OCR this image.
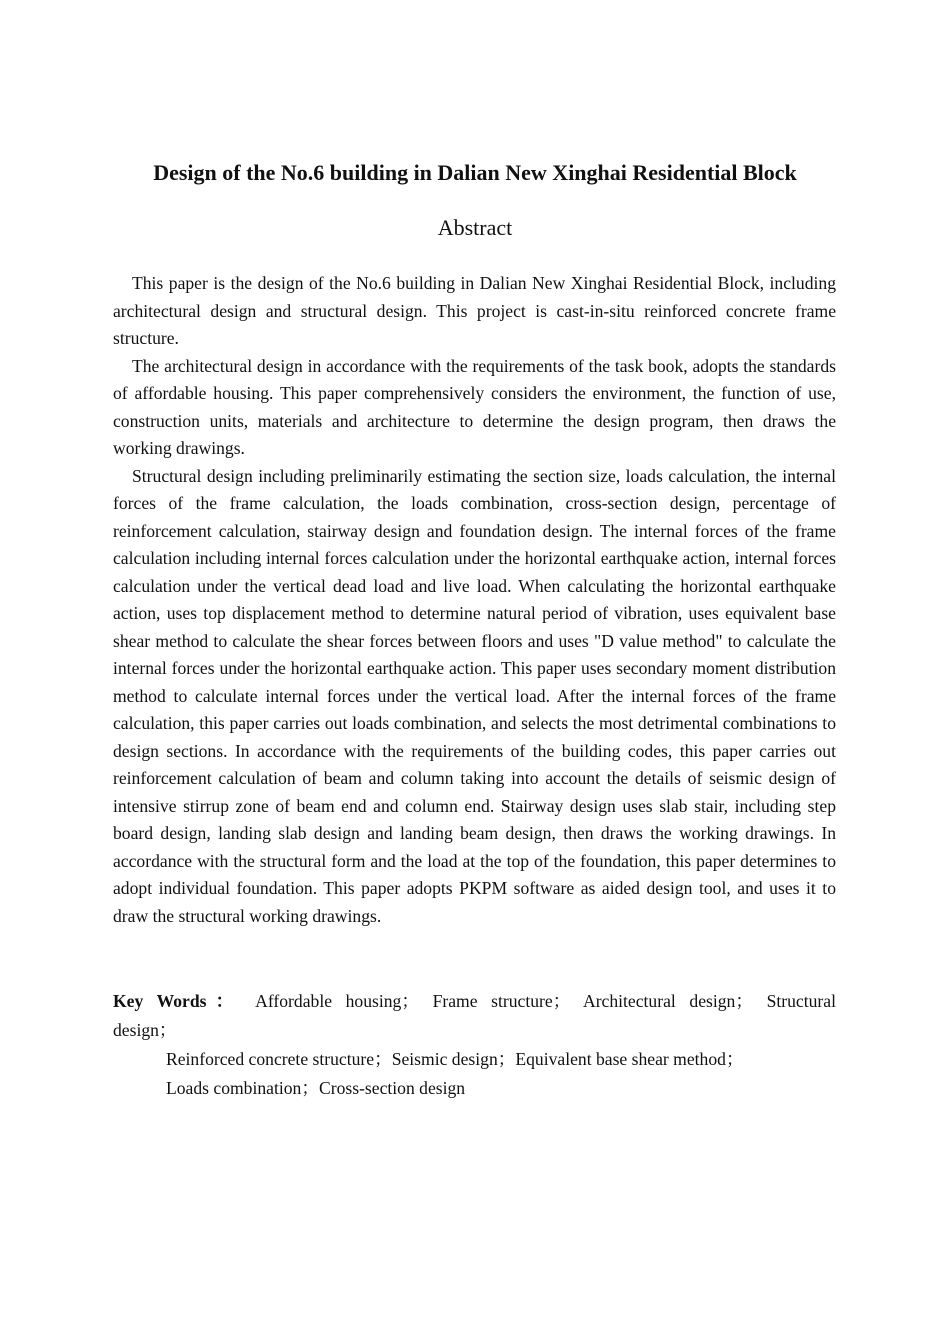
Design of the No.6 building in Dalian New Xinghai Residential Block
Abstract

This paper is the design of the No.6 building in Dalian New Xinghai Residential Block, including architectural design and structural design. This project is cast-in-situ reinforced concrete frame structure.

The architectural design in accordance with the requirements of the task book, adopts the standards of affordable housing. This paper comprehensively considers the environment, the function of use, construction units, materials and architecture to determine the design program, then draws the working drawings.

Structural design including preliminarily estimating the section size, loads calculation, the internal forces of the frame calculation, the loads combination, cross-section design, percentage of reinforcement calculation, stairway design and foundation design. The internal forces of the frame calculation including internal forces calculation under the horizontal earthquake action, internal forces calculation under the vertical dead load and live load. When calculating the horizontal earthquake action, uses top displacement method to determine natural period of vibration, uses equivalent base shear method to calculate the shear forces between floors and uses "D value method" to calculate the internal forces under the horizontal earthquake action. This paper uses secondary moment distribution method to calculate internal forces under the vertical load. After the internal forces of the frame calculation, this paper carries out loads combination, and selects the most detrimental combinations to design sections. In accordance with the requirements of the building codes, this paper carries out reinforcement calculation of beam and column taking into account the details of seismic design of intensive stirrup zone of beam end and column end. Stairway design uses slab stair, including step board design, landing slab design and landing beam design, then draws the working drawings. In accordance with the structural form and the load at the top of the foundation, this paper determines to adopt individual foundation. This paper adopts PKPM software as aided design tool, and uses it to draw the structural working drawings.

Key Words： Affordable housing； Frame structure； Architectural design； Structural

design；

Reinforced concrete structure；Seismic design；Equivalent base shear method；

Loads combination；Cross-section design
